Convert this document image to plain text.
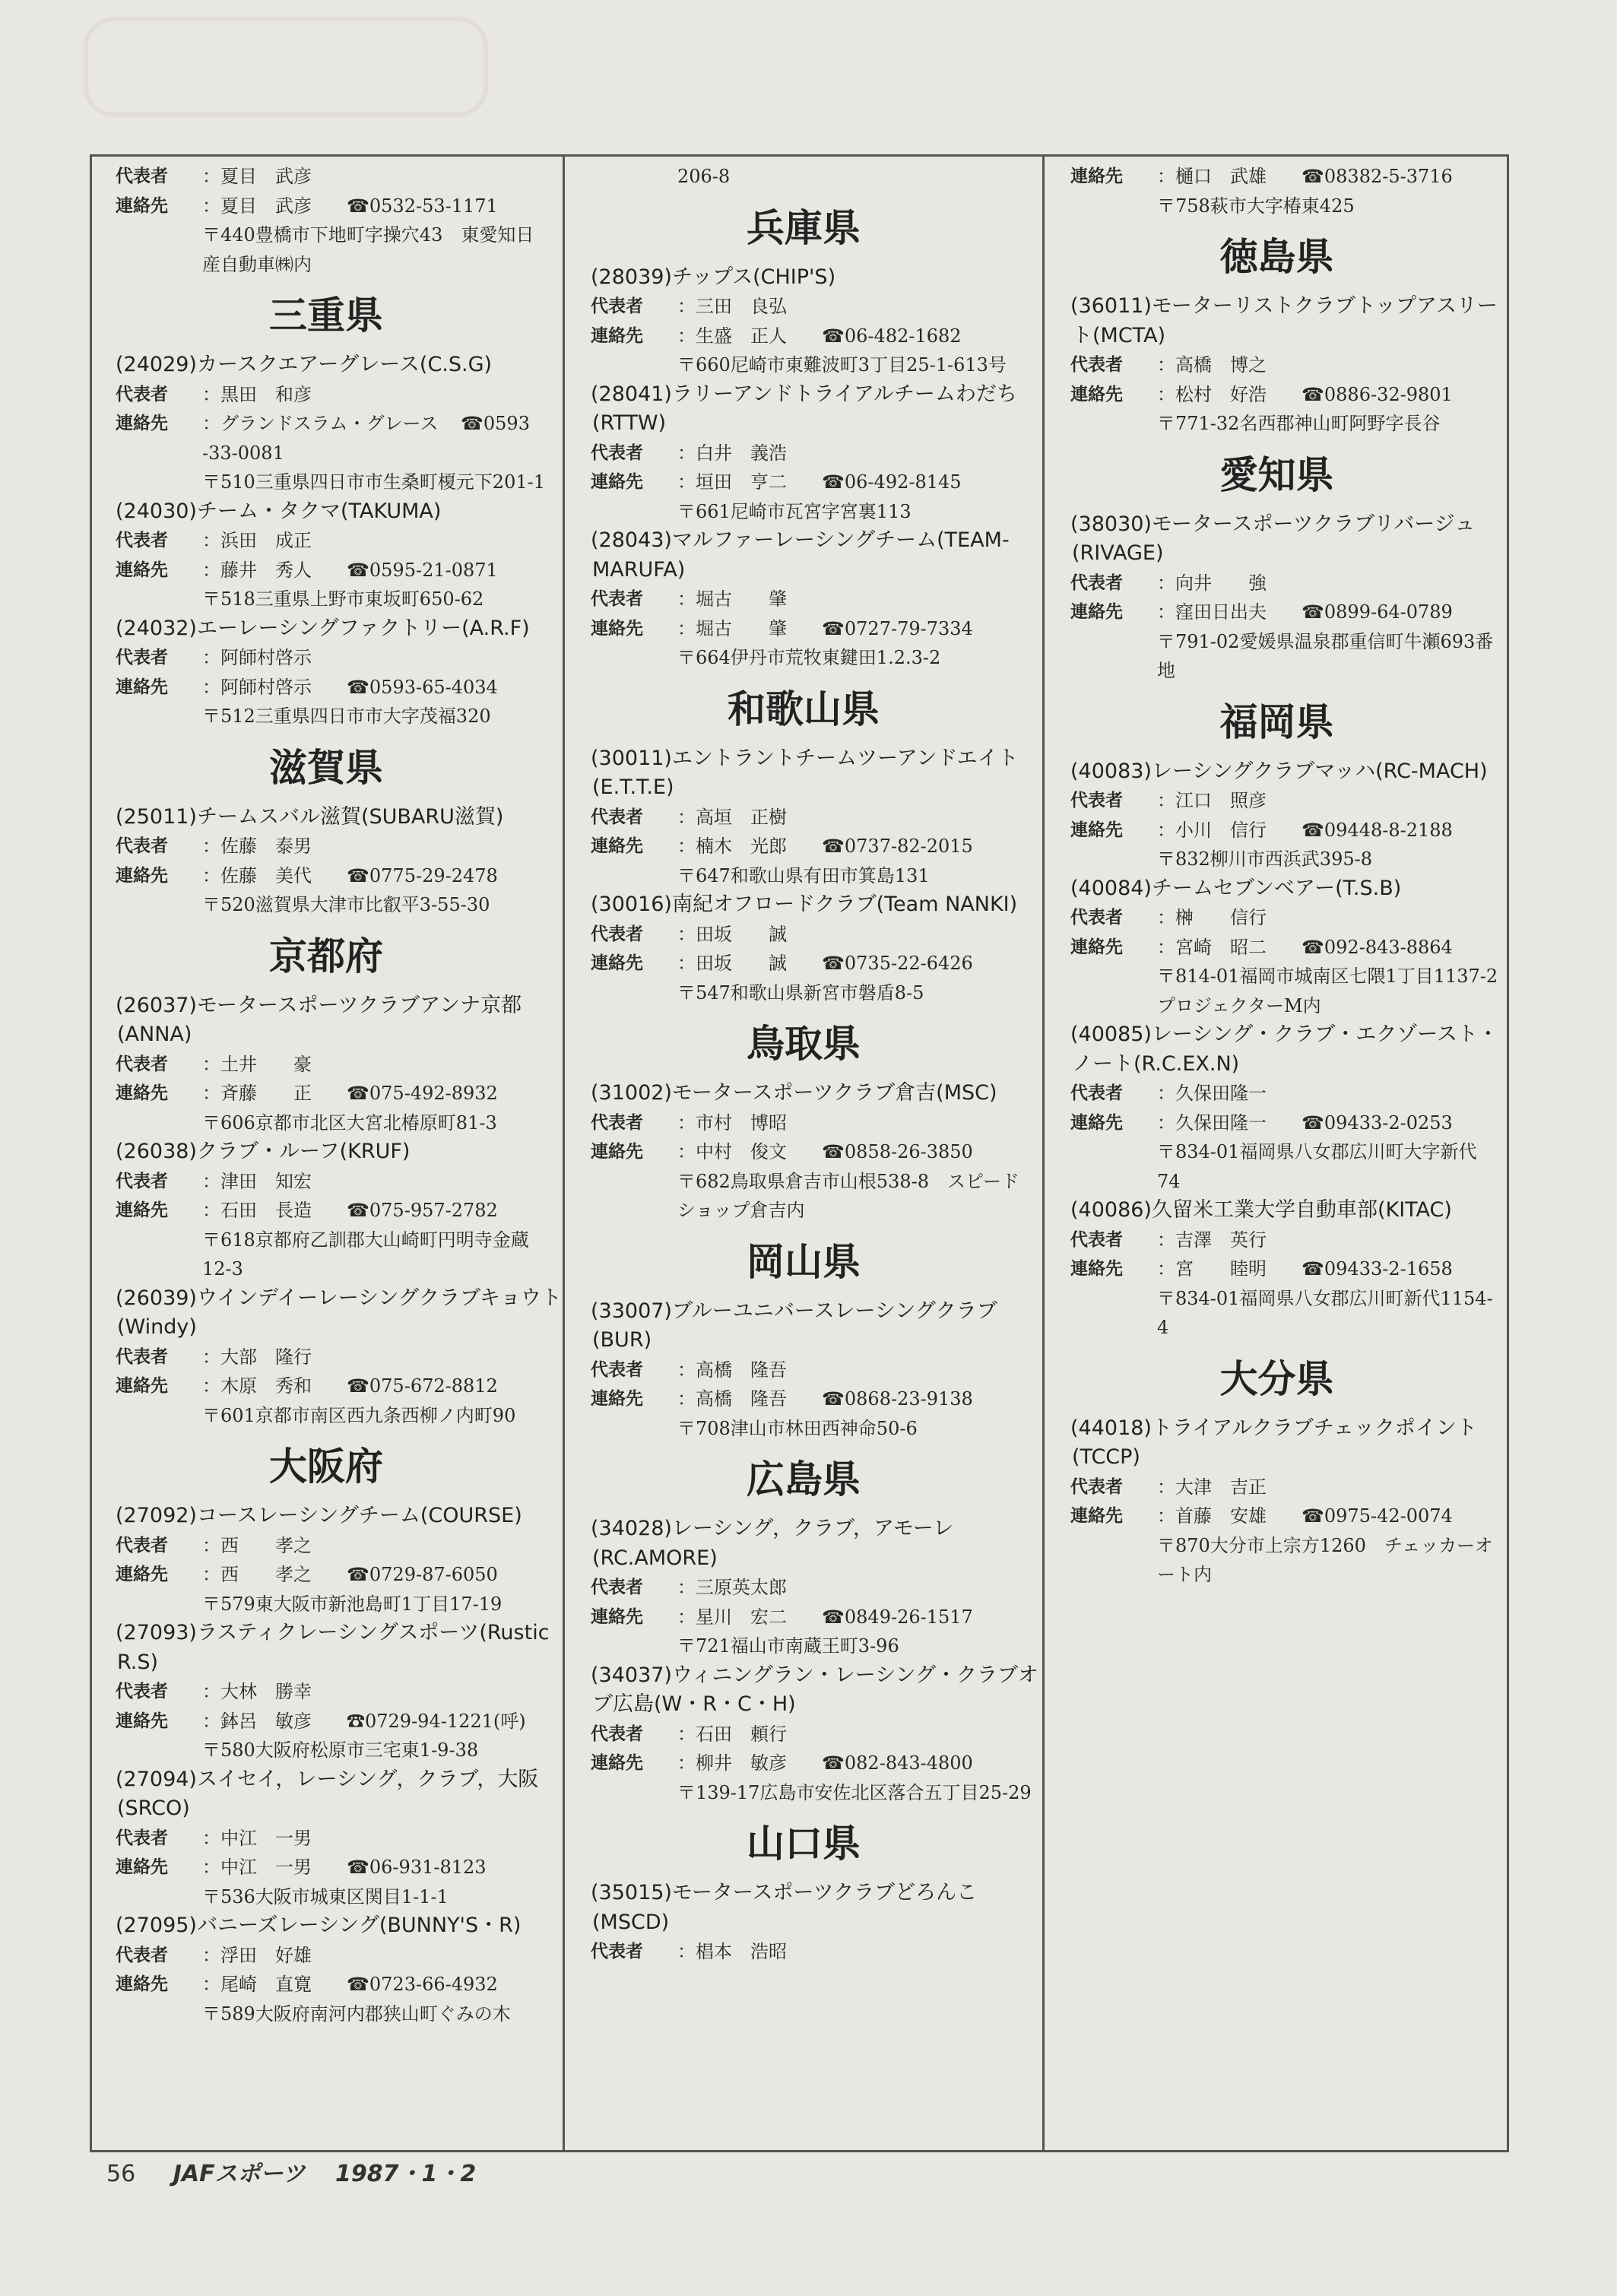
代表者 ：夏目　武彦
連絡先 ：夏目　武彦 ☎0532-53-1171
〒440豊橋市下地町字操穴43　東愛知日産自動車㈱内
三重県
(24029)カースクエアーグレース(C.S.G)
代表者 ：黒田　和彦
連絡先 ：グランドスラム・グレース ☎0593
-33-0081
〒510三重県四日市市生桑町榎元下201-1
(24030)チーム・タクマ(TAKUMA)
代表者 ：浜田　成正
連絡先 ：藤井　秀人 ☎0595-21-0871
〒518三重県上野市東坂町650-62
(24032)エーレーシングファクトリー(A.R.F)
代表者 ：阿師村啓示
連絡先 ：阿師村啓示 ☎0593-65-4034
〒512三重県四日市市大字茂福320
滋賀県
(25011)チームスバル滋賀(SUBARU滋賀)
代表者 ：佐藤　泰男
連絡先 ：佐藤　美代 ☎0775-29-2478
〒520滋賀県大津市比叡平3-55-30
京都府
(26037)モータースポーツクラブアンナ京都(ANNA)
代表者 ：土井　　豪
連絡先 ：斉藤　　正 ☎075-492-8932
〒606京都市北区大宮北椿原町81-3
(26038)クラブ・ルーフ(KRUF)
代表者 ：津田　知宏
連絡先 ：石田　長造 ☎075-957-2782
〒618京都府乙訓郡大山崎町円明寺金蔵12-3
(26039)ウインデイーレーシングクラブキョウト(Windy)
代表者 ：大部　隆行
連絡先 ：木原　秀和 ☎075-672-8812
〒601京都市南区西九条西柳ノ内町90
大阪府
(27092)コースレーシングチーム(COURSE)
代表者 ：西　　孝之
連絡先 ：西　　孝之 ☎0729-87-6050
〒579東大阪市新池島町1丁目17-19
(27093)ラスティクレーシングスポーツ(Rustic R.S)
代表者 ：大林　勝幸
連絡先 ：鉢呂　敏彦 ☎0729-94-1221(呼)
〒580大阪府松原市三宅東1-9-38
(27094)スイセイ，レーシング，クラブ，大阪(SRCO)
代表者 ：中江　一男
連絡先 ：中江　一男 ☎06-931-8123
〒536大阪市城東区関目1-1-1
(27095)バニーズレーシング(BUNNY'S・R)
代表者 ：浮田　好雄
連絡先 ：尾崎　直寛 ☎0723-66-4932
〒589大阪府南河内郡狭山町ぐみの木
206-8
兵庫県
(28039)チップス(CHIP'S)
代表者 ：三田　良弘
連絡先 ：生盛　正人 ☎06-482-1682
〒660尼崎市東難波町3丁目25-1-613号
(28041)ラリーアンドトライアルチームわだち(RTTW)
代表者 ：白井　義浩
連絡先 ：垣田　亨二 ☎06-492-8145
〒661尼崎市瓦宮字宮裏113
(28043)マルファーレーシングチーム(TEAM-MARUFA)
代表者 ：堀古　　肇
連絡先 ：堀古　　肇 ☎0727-79-7334
〒664伊丹市荒牧東鍵田1.2.3-2
和歌山県
(30011)エントラントチームツーアンドエイト(E.T.T.E)
代表者 ：高垣　正樹
連絡先 ：楠木　光郎 ☎0737-82-2015
〒647和歌山県有田市箕島131
(30016)南紀オフロードクラブ(Team NANKI)
代表者 ：田坂　　誠
連絡先 ：田坂　　誠 ☎0735-22-6426
〒547和歌山県新宮市磐盾8-5
鳥取県
(31002)モータースポーツクラブ倉吉(MSC)
代表者 ：市村　博昭
連絡先 ：中村　俊文 ☎0858-26-3850
〒682鳥取県倉吉市山根538-8　スピードショップ倉吉内
岡山県
(33007)ブルーユニバースレーシングクラブ(BUR)
代表者 ：高橋　隆吾
連絡先 ：高橋　隆吾 ☎0868-23-9138
〒708津山市林田西神命50-6
広島県
(34028)レーシング，クラブ，アモーレ(RC.AMORE)
代表者 ：三原英太郎
連絡先 ：星川　宏二 ☎0849-26-1517
〒721福山市南蔵王町3-96
(34037)ウィニングラン・レーシング・クラブオブ広島(W・R・C・H)
代表者 ：石田　頼行
連絡先 ：柳井　敏彦 ☎082-843-4800
〒139-17広島市安佐北区落合五丁目25-29
山口県
(35015)モータースポーツクラブどろんこ(MSCD)
代表者 ：椙本　浩昭
連絡先 ：樋口　武雄 ☎08382-5-3716
〒758萩市大字椿東425
徳島県
(36011)モーターリストクラブトップアスリート(MCTA)
代表者 ：高橋　博之
連絡先 ：松村　好浩 ☎0886-32-9801
〒771-32名西郡神山町阿野字長谷
愛知県
(38030)モータースポーツクラブリバージュ(RIVAGE)
代表者 ：向井　　強
連絡先 ：窪田日出夫 ☎0899-64-0789
〒791-02愛媛県温泉郡重信町牛瀬693番地
福岡県
(40083)レーシングクラブマッハ(RC-MACH)
代表者 ：江口　照彦
連絡先 ：小川　信行 ☎09448-8-2188
〒832柳川市西浜武395-8
(40084)チームセブンベアー(T.S.B)
代表者 ：榊　　信行
連絡先 ：宮崎　昭二 ☎092-843-8864
〒814-01福岡市城南区七隈1丁目1137-2　プロジェクターM内
(40085)レーシング・クラブ・エクゾースト・ノート(R.C.EX.N)
代表者 ：久保田隆一
連絡先 ：久保田隆一 ☎09433-2-0253
〒834-01福岡県八女郡広川町大字新代74
(40086)久留米工業大学自動車部(KITAC)
代表者 ：吉澤　英行
連絡先 ：宮　　睦明 ☎09433-2-1658
〒834-01福岡県八女郡広川町新代1154-4
大分県
(44018)トライアルクラブチェックポイント(TCCP)
代表者 ：大津　吉正
連絡先 ：首藤　安雄 ☎0975-42-0074
〒870大分市上宗方1260　チェッカーオート内
56 JAFスポーツ 1987・1・2
